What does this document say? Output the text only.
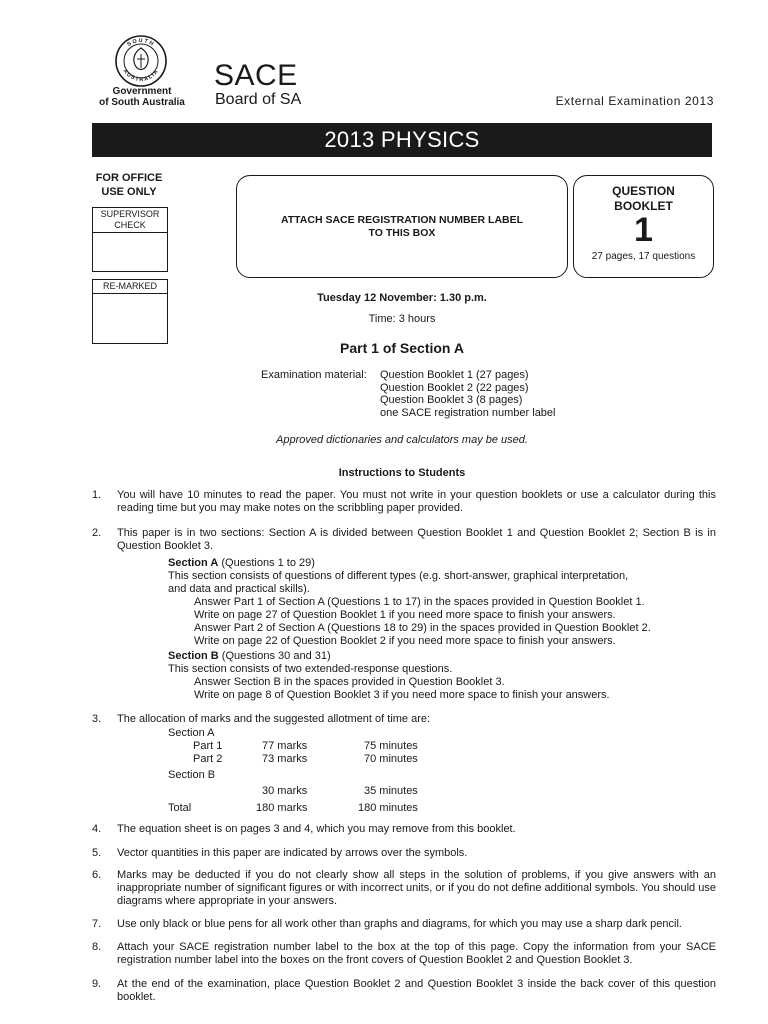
SOUTH
AUSTRALIA
Government
of South Australia
SACE
Board of SA	External Examination 2013
2013 PHYSICS
FOR OFFICE
USE ONLY
SUPERVISOR
CHECK
RE-MARKED
ATTACH SACE REGISTRATION NUMBER LABEL
TO THIS BOX
QUESTION
BOOKLET
1
27 pages, 17 questions
Tuesday 12 November: 1.30 p.m.
Time: 3 hours
Part 1 of Section A
Examination material:	Question Booklet 1 (27 pages)
Question Booklet 2 (22 pages)
Question Booklet 3 (8 pages)
one SACE registration number label
Approved dictionaries and calculators may be used.
Instructions to Students
1. You will have 10 minutes to read the paper. You must not write in your question booklets or use a calculator during this reading time but you may make notes on the scribbling paper provided.
2. This paper is in two sections: Section A is divided between Question Booklet 1 and Question Booklet 2; Section B is in Question Booklet 3.
Section A (Questions 1 to 29)
This section consists of questions of different types (e.g. short-answer, graphical interpretation,
and data and practical skills).
Answer Part 1 of Section A (Questions 1 to 17) in the spaces provided in Question Booklet 1.
Write on page 27 of Question Booklet 1 if you need more space to finish your answers.
Answer Part 2 of Section A (Questions 18 to 29) in the spaces provided in Question Booklet 2.
Write on page 22 of Question Booklet 2 if you need more space to finish your answers.
Section B (Questions 30 and 31)
This section consists of two extended-response questions.
Answer Section B in the spaces provided in Question Booklet 3.
Write on page 8 of Question Booklet 3 if you need more space to finish your answers.
3. The allocation of marks and the suggested allotment of time are:
Section A
Part 1	77 marks	75 minutes
Part 2	73 marks	70 minutes
Section B
30 marks	35 minutes
Total	180 marks	180 minutes
4. The equation sheet is on pages 3 and 4, which you may remove from this booklet.
5. Vector quantities in this paper are indicated by arrows over the symbols.
6. Marks may be deducted if you do not clearly show all steps in the solution of problems, if you give answers with an inappropriate number of significant figures or with incorrect units, or if you do not define additional symbols. You should use diagrams where appropriate in your answers.
7. Use only black or blue pens for all work other than graphs and diagrams, for which you may use a sharp dark pencil.
8. Attach your SACE registration number label to the box at the top of this page. Copy the information from your SACE registration number label into the boxes on the front covers of Question Booklet 2 and Question Booklet 3.
9. At the end of the examination, place Question Booklet 2 and Question Booklet 3 inside the back cover of this question booklet.
